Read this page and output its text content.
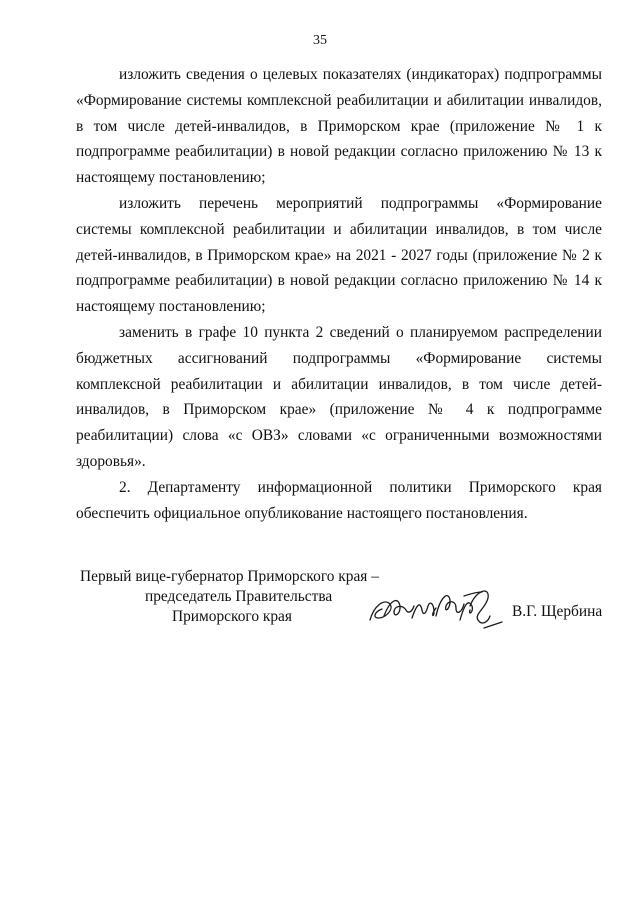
35

изложить сведения о целевых показателях (индикаторах) подпрограммы «Формирование системы комплексной реабилитации и абилитации инвалидов, в том числе детей-инвалидов, в Приморском крае (приложение № 1 к подпрограмме реабилитации) в новой редакции согласно приложению № 13 к настоящему постановлению;

изложить перечень мероприятий подпрограммы «Формирование системы комплексной реабилитации и абилитации инвалидов, в том числе детей-инвалидов, в Приморском крае» на 2021 - 2027 годы (приложение № 2 к подпрограмме реабилитации) в новой редакции согласно приложению № 14 к настоящему постановлению;

заменить в графе 10 пункта 2 сведений о планируемом распределении бюджетных ассигнований подпрограммы «Формирование системы комплексной реабилитации и абилитации инвалидов, в том числе детей-инвалидов, в Приморском крае» (приложение № 4 к подпрограмме реабилитации) слова «с ОВЗ» словами «с ограниченными возможностями здоровья».

2. Департаменту информационной политики Приморского края обеспечить официальное опубликование настоящего постановления.

Первый вице-губернатор Приморского края –
председатель Правительства
Приморского края	В.Г. Щербина
